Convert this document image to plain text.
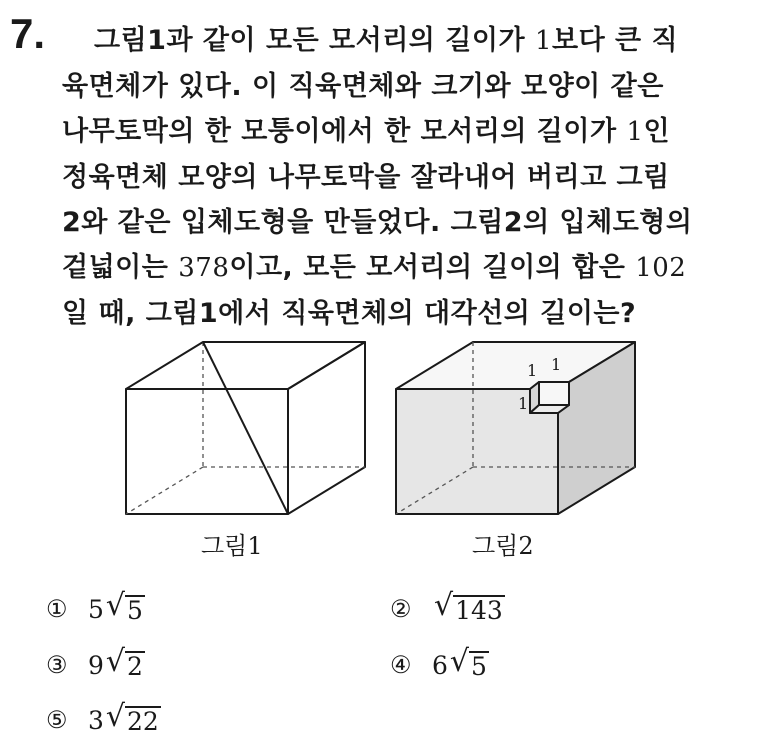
7.	그림1과 같이 모든 모서리의 길이가 1보다 큰 직
육면체가 있다. 이 직육면체와 크기와 모양이 같은
나무토막의 한 모퉁이에서 한 모서리의 길이가 1인
정육면체 모양의 나무토막을 잘라내어 버리고 그림
2와 같은 입체도형을 만들었다. 그림2의 입체도형의
겉넓이는 378이고, 모든 모서리의 길이의 합은 102
일 때, 그림1에서 직육면체의 대각선의 길이는?
그림1
1 1
1
그림2
① 5 √ 5	② √ 143
③ 9 √ 2	④ 6 √ 5
⑤ 3 √ 22
